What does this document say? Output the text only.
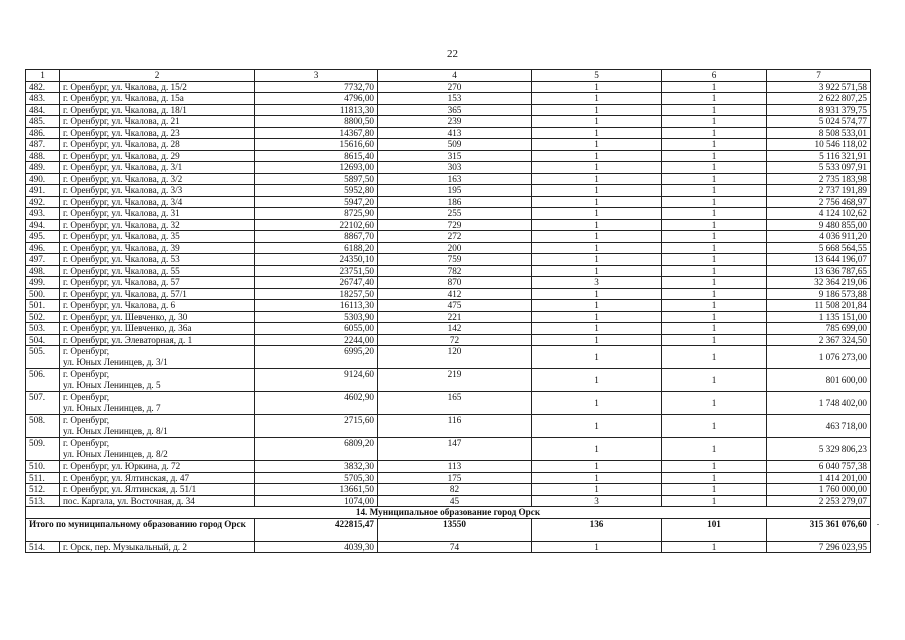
22
1	2	3	4	5	6	7
482.	г. Оренбург, ул. Чкалова, д. 15/2	7732,70	270	1	1	3 922 571,58
483.	г. Оренбург, ул. Чкалова, д. 15а	4796,00	153	1	1	2 622 807,25
484.	г. Оренбург, ул. Чкалова, д. 18/1	11813,30	365	1	1	8 931 379,75
485.	г. Оренбург, ул. Чкалова, д. 21	8800,50	239	1	1	5 024 574,77
486.	г. Оренбург, ул. Чкалова, д. 23	14367,80	413	1	1	8 508 533,01
487.	г. Оренбург, ул. Чкалова, д. 28	15616,60	509	1	1	10 546 118,02
488.	г. Оренбург, ул. Чкалова, д. 29	8615,40	315	1	1	5 116 321,91
489.	г. Оренбург, ул. Чкалова, д. 3/1	12693,00	303	1	1	5 533 097,91
490.	г. Оренбург, ул. Чкалова, д. 3/2	5897,50	163	1	1	2 735 183,98
491.	г. Оренбург, ул. Чкалова, д. 3/3	5952,80	195	1	1	2 737 191,89
492.	г. Оренбург, ул. Чкалова, д. 3/4	5947,20	186	1	1	2 756 468,97
493.	г. Оренбург, ул. Чкалова, д. 31	8725,90	255	1	1	4 124 102,62
494.	г. Оренбург, ул. Чкалова, д. 32	22102,60	729	1	1	9 480 855,00
495.	г. Оренбург, ул. Чкалова, д. 35	8867,70	272	1	1	4 036 911,20
496.	г. Оренбург, ул. Чкалова, д. 39	6188,20	200	1	1	5 668 564,55
497.	г. Оренбург, ул. Чкалова, д. 53	24350,10	759	1	1	13 644 196,07
498.	г. Оренбург, ул. Чкалова, д. 55	23751,50	782	1	1	13 636 787,65
499.	г. Оренбург, ул. Чкалова, д. 57	26747,40	870	3	1	32 364 219,06
500.	г. Оренбург, ул. Чкалова, д. 57/1	18257,50	412	1	1	9 186 573,88
501.	г. Оренбург, ул. Чкалова, д. 6	16113,30	475	1	1	11 508 201,84
502.	г. Оренбург, ул. Шевченко, д. 30	5303,90	221	1	1	1 135 151,00
503.	г. Оренбург, ул. Шевченко, д. 36а	6055,00	142	1	1	785 699,00
504.	г. Оренбург, ул. Элеваторная, д. 1	2244,00	72	1	1	2 367 324,50
505.	г. Оренбург,
ул. Юных Ленинцев, д. 3/1	6995,20	120	1	1	1 076 273,00
506.	г. Оренбург,
ул. Юных Ленинцев, д. 5	9124,60	219	1	1	801 600,00
507.	г. Оренбург,
ул. Юных Ленинцев, д. 7	4602,90	165	1	1	1 748 402,00
508.	г. Оренбург,
ул. Юных Ленинцев, д. 8/1	2715,60	116	1	1	463 718,00
509.	г. Оренбург,
ул. Юных Ленинцев, д. 8/2	6809,20	147	1	1	5 329 806,23
510.	г. Оренбург, ул. Юркина, д. 72	3832,30	113	1	1	6 040 757,38
511.	г. Оренбург, ул. Ялтинская, д. 47	5705,30	175	1	1	1 414 201,00
512.	г. Оренбург, ул. Ялтинская, д. 51/1	13661,50	82	1	1	1 760 000,00
513.	пос. Каргала, ул. Восточная, д. 34	1074,00	45	3	1	2 253 279,07
14. Муниципальное образование город Орск						
Итого по муниципальному образованию город Орск		422815,47	13550	136	101	315 361 076,60
514.	г. Орск, пер. Музыкальный, д. 2	4039,30	74	1	1	7 296 023,95
